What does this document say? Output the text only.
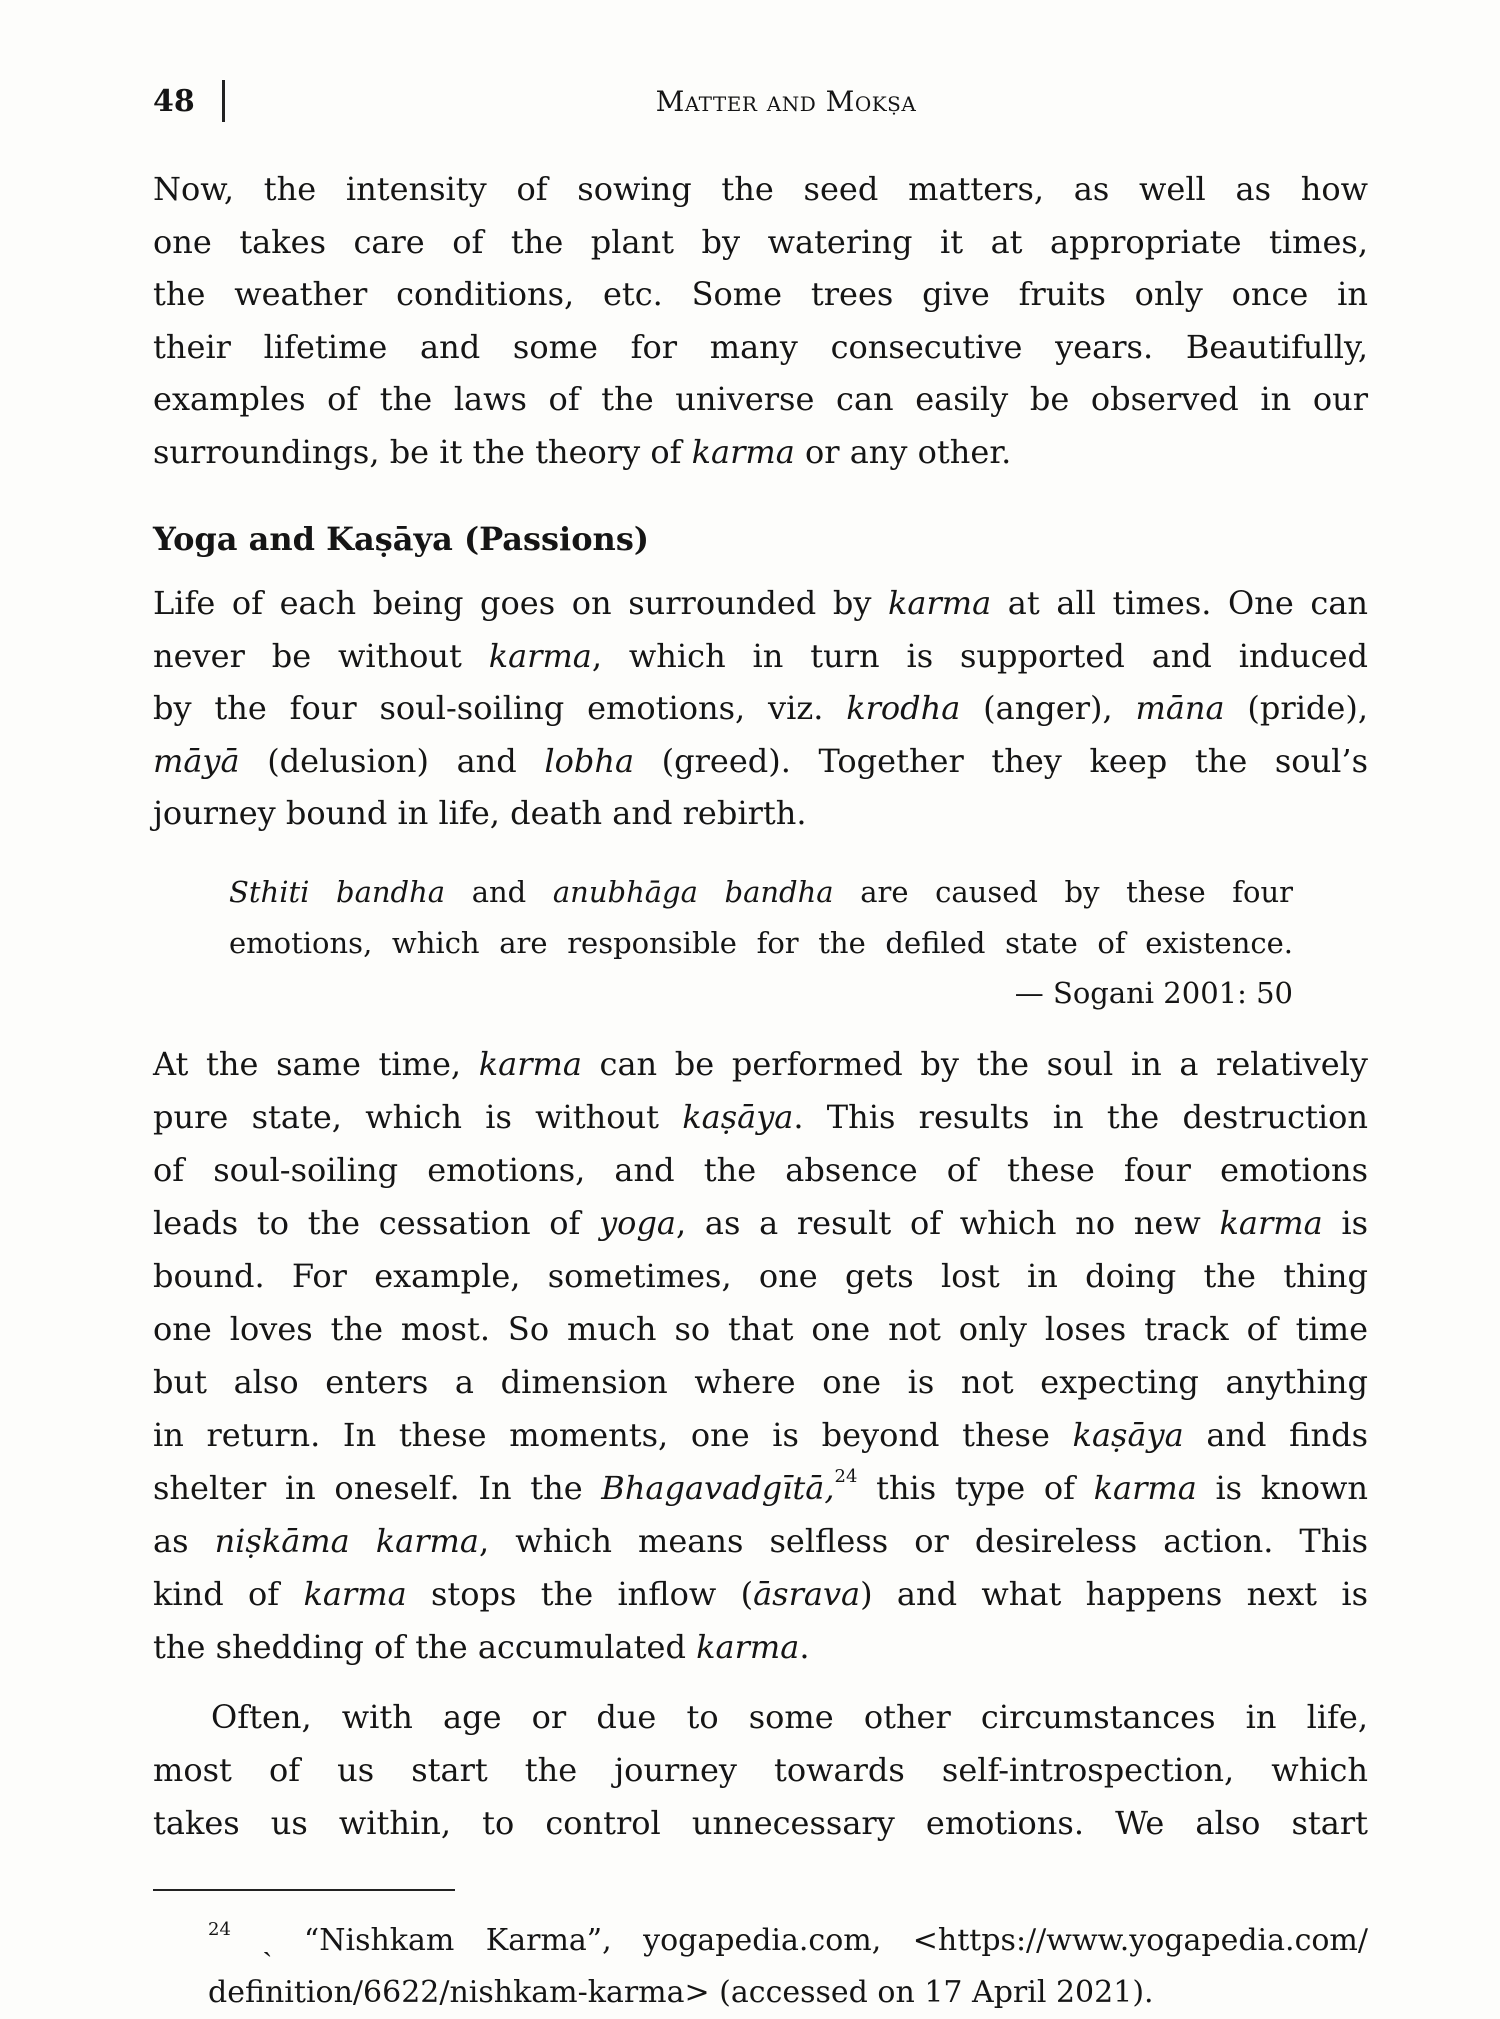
48	Matter and Mokṣa
Now, the intensity of sowing the seed matters, as well as how
one takes care of the plant by watering it at appropriate times,
the weather conditions, etc. Some trees give fruits only once in
their lifetime and some for many consecutive years. Beautifully,
examples of the laws of the universe can easily be observed in our
surroundings, be it the theory of karma or any other.
Yoga and Kaṣāya (Passions)
Life of each being goes on surrounded by karma at all times. One can
never be without karma, which in turn is supported and induced
by the four soul-soiling emotions, viz. krodha (anger), māna (pride),
māyā (delusion) and lobha (greed). Together they keep the soul’s
journey bound in life, death and rebirth.
Sthiti bandha and anubhāga bandha are caused by these four
emotions, which are responsible for the defiled state of existence.
— Sogani 2001: 50
At the same time, karma can be performed by the soul in a relatively
pure state, which is without kaṣāya. This results in the destruction
of soul-soiling emotions, and the absence of these four emotions
leads to the cessation of yoga, as a result of which no new karma is
bound. For example, sometimes, one gets lost in doing the thing
one loves the most. So much so that one not only loses track of time
but also enters a dimension where one is not expecting anything
in return. In these moments, one is beyond these kaṣāya and finds
shelter in oneself. In the Bhagavadgītā,$^{24}$ this type of karma is known
as niṣkāma karma, which means selfless or desireless action. This
kind of karma stops the inflow (āsrava) and what happens next is
the shedding of the accumulated karma.
Often, with age or due to some other circumstances in life,
most of us start the journey towards self-introspection, which
takes us within, to control unnecessary emotions. We also start
$^{24}$ ˎ “Nishkam Karma”, yogapedia.com, <https://www.yogapedia.com/
definition/6622/nishkam-karma> (accessed on 17 April 2021).
